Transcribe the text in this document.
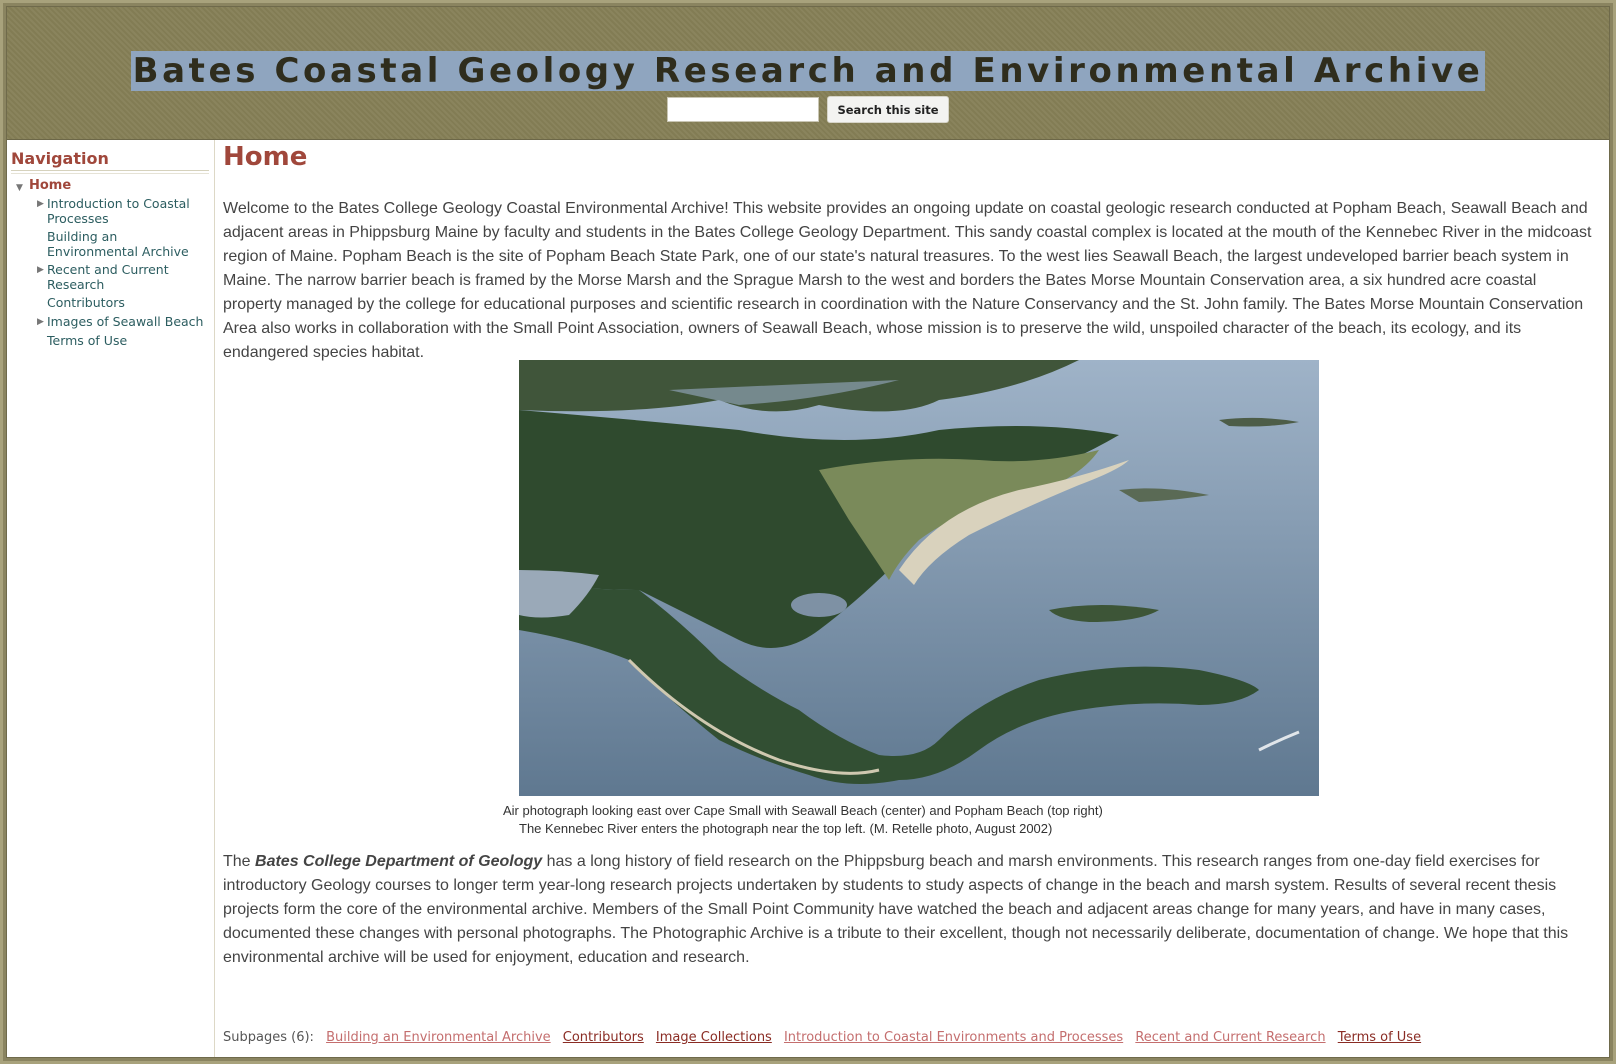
Bates Coastal Geology Research and Environmental Archive
Search this site
Navigation
▼ Home
▶ Introduction to Coastal Processes
Building an Environmental Archive
▶ Recent and Current Research
Contributors
▶ Images of Seawall Beach
Terms of Use
Home

Welcome to the Bates College Geology Coastal Environmental Archive! This website provides an ongoing update on coastal geologic research conducted at Popham Beach, Seawall Beach and adjacent areas in Phippsburg Maine by faculty and students in the Bates College Geology Department. This sandy coastal complex is located at the mouth of the Kennebec River in the midcoast region of Maine. Popham Beach is the site of Popham Beach State Park, one of our state's natural treasures. To the west lies Seawall Beach, the largest undeveloped barrier beach system in Maine. The narrow barrier beach is framed by the Morse Marsh and the Sprague Marsh to the west and borders the Bates Morse Mountain Conservation area, a six hundred acre coastal property managed by the college for educational purposes and scientific research in coordination with the Nature Conservancy and the St. John family. The Bates Morse Mountain Conservation Area also works in collaboration with the Small Point Association, owners of Seawall Beach, whose mission is to preserve the wild, unspoiled character of the beach, its ecology, and its endangered species habitat.

Air photograph looking east over Cape Small with Seawall Beach (center) and Popham Beach (top right)
The Kennebec River enters the photograph near the top left. (M. Retelle photo, August 2002)

The Bates College Department of Geology has a long history of field research on the Phippsburg beach and marsh environments. This research ranges from one-day field exercises for introductory Geology courses to longer term year-long research projects undertaken by students to study aspects of change in the beach and marsh system. Results of several recent thesis projects form the core of the environmental archive. Members of the Small Point Community have watched the beach and adjacent areas change for many years, and have in many cases, documented these changes with personal photographs. The Photographic Archive is a tribute to their excellent, though not necessarily deliberate, documentation of change. We hope that this environmental archive will be used for enjoyment, education and research.

Subpages (6): Building an Environmental Archive Contributors Image Collections Introduction to Coastal Environments and Processes Recent and Current Research Terms of Use
